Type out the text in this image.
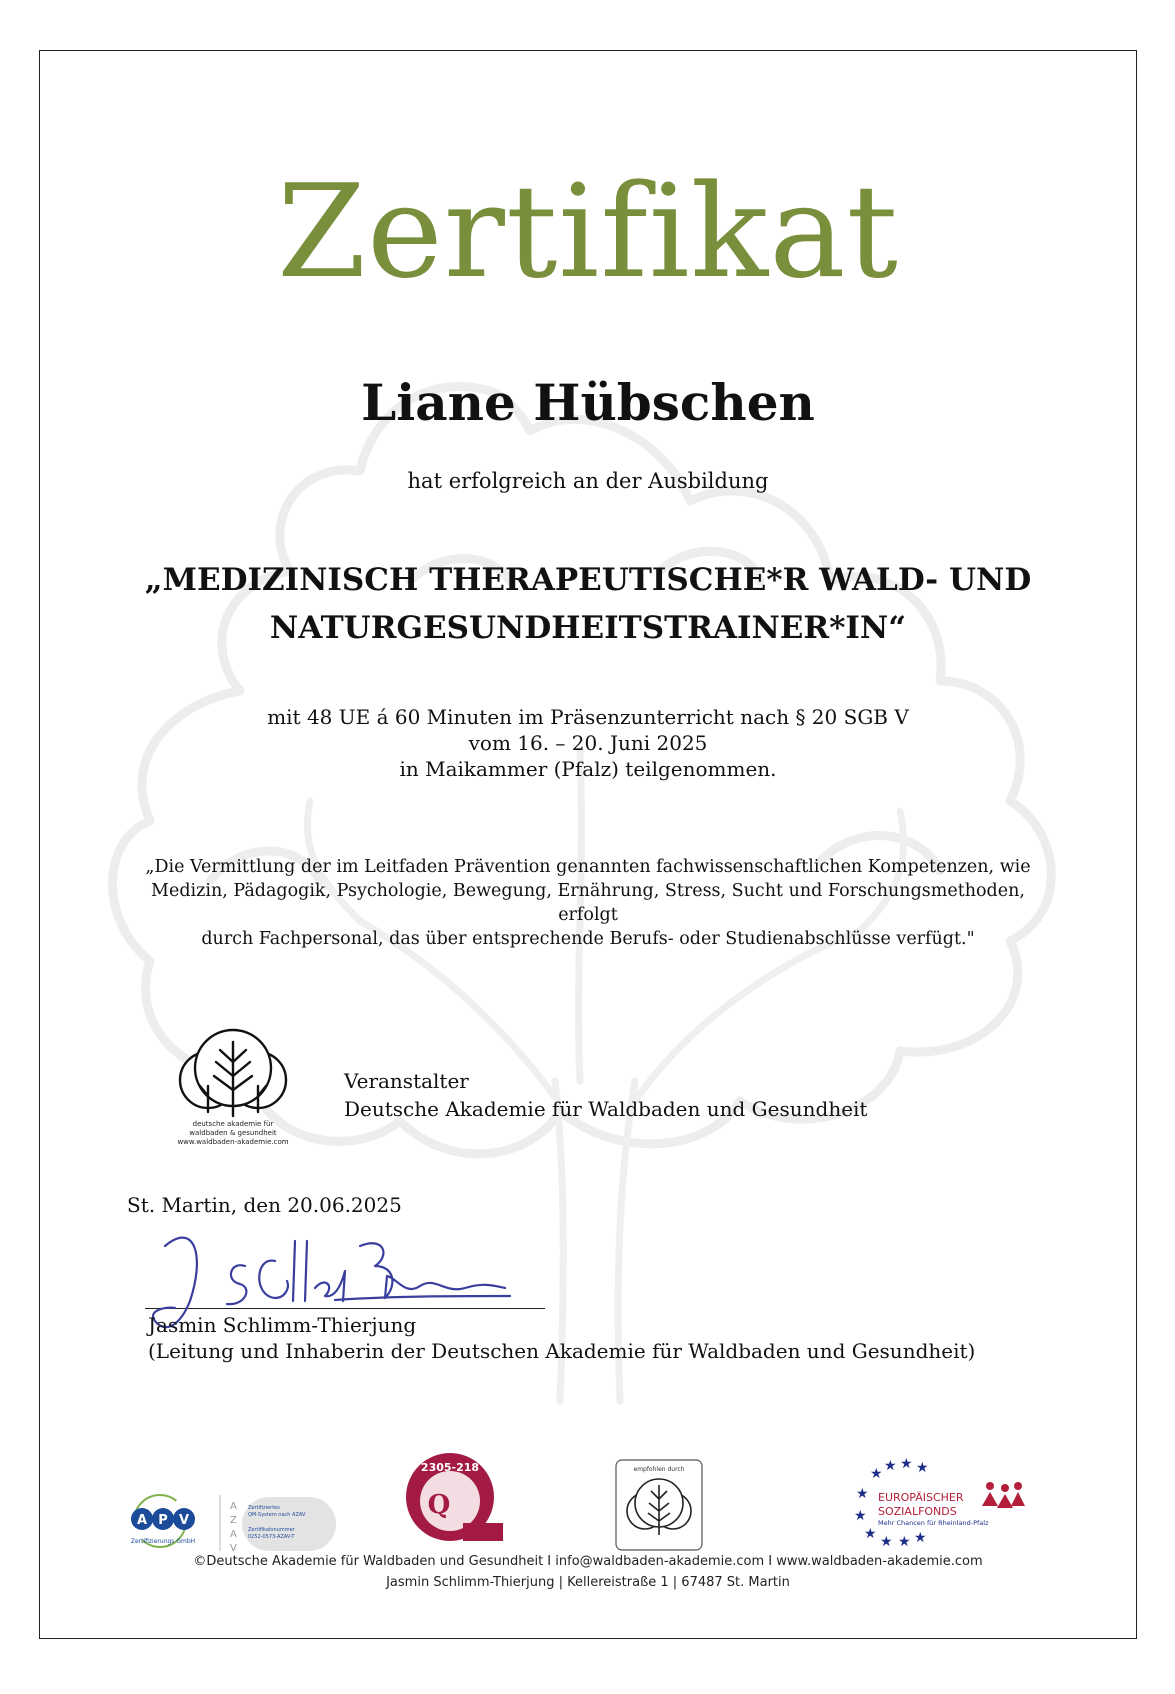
Zertifikat
Liane Hübschen
hat erfolgreich an der Ausbildung
„MEDIZINISCH THERAPEUTISCHE*R WALD- UND
NATURGESUNDHEITSTRAINER*IN“
mit 48 UE á 60 Minuten im Präsenzunterricht nach § 20 SGB V
vom 16. – 20. Juni 2025
in Maikammer (Pfalz) teilgenommen.
„Die Vermittlung der im Leitfaden Prävention genannten fachwissenschaftlichen Kompetenzen, wie
Medizin, Pädagogik, Psychologie, Bewegung, Ernährung, Stress, Sucht und Forschungsmethoden, erfolgt
durch Fachpersonal, das über entsprechende Berufs- oder Studienabschlüsse verfügt."
deutsche akademie für
waldbaden & gesundheit
www.waldbaden-akademie.com
Veranstalter
Deutsche Akademie für Waldbaden und Gesundheit
St. Martin, den 20.06.2025
Jasmin Schlimm-Thierjung
(Leitung und Inhaberin der Deutschen Akademie für Waldbaden und Gesundheit)
A P V
Zertifizierungs GmbH
A
Z
A
V
Zertifiziertes
QM-System nach AZAV
Zertifikatsnummer
0252-0573-AZAV-T
2305-218
Q
empfohlen durch	★ ★ ★ ★
★
★
★ ★ ★ ★
EUROPÄISCHER
SOZIALFONDS
Mehr Chancen für Rheinland-Pfalz
©Deutsche Akademie für Waldbaden und Gesundheit I info@waldbaden-akademie.com I www.waldbaden-akademie.com
Jasmin Schlimm-Thierjung | Kellereistraße 1 | 67487 St. Martin
